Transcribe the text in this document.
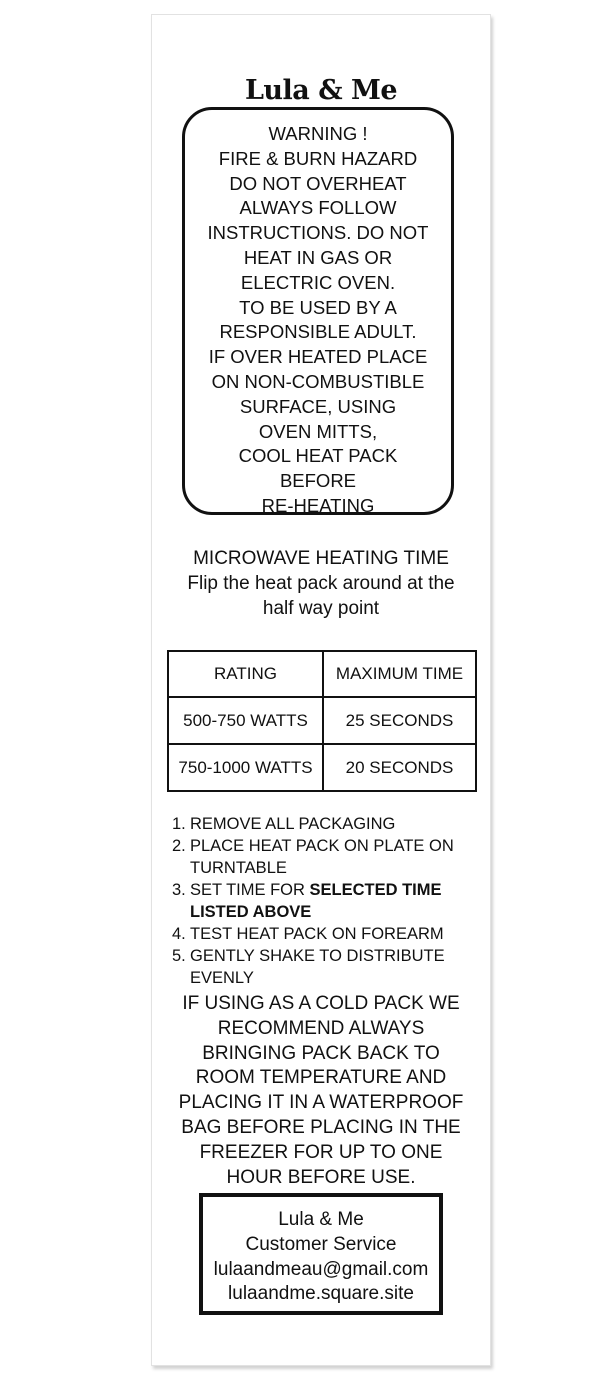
Lula & Me
WARNING !
FIRE & BURN HAZARD
DO NOT OVERHEAT
ALWAYS FOLLOW
INSTRUCTIONS. DO NOT
HEAT IN GAS OR
ELECTRIC OVEN.
TO BE USED BY A
RESPONSIBLE ADULT.
IF OVER HEATED PLACE
ON NON-COMBUSTIBLE
SURFACE, USING
OVEN MITTS,
COOL HEAT PACK
BEFORE
RE-HEATING
MICROWAVE HEATING TIME
Flip the heat pack around at the
half way point
RATING	MAXIMUM TIME
500-750 WATTS	25 SECONDS
750-1000 WATTS	20 SECONDS
1. REMOVE ALL PACKAGING
2. PLACE HEAT PACK ON PLATE ON TURNTABLE
3. SET TIME FOR SELECTED TIME LISTED ABOVE
4. TEST HEAT PACK ON FOREARM
5. GENTLY SHAKE TO DISTRIBUTE EVENLY
IF USING AS A COLD PACK WE
RECOMMEND ALWAYS
BRINGING PACK BACK TO
ROOM TEMPERATURE AND
PLACING IT IN A WATERPROOF
BAG BEFORE PLACING IN THE
FREEZER FOR UP TO ONE
HOUR BEFORE USE.
Lula & Me
Customer Service
lulaandmeau@gmail.com
lulaandme.square.site
